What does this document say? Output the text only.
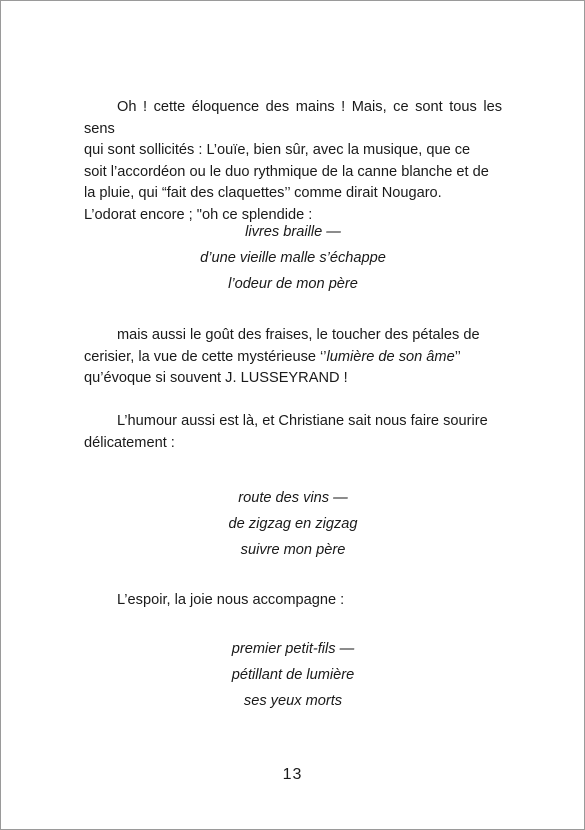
Oh ! cette éloquence des mains ! Mais, ce sont tous les sens
qui sont sollicités : L’ouïe, bien sûr, avec la musique, que ce
soit l’accordéon ou le duo rythmique de la canne blanche et de
la pluie, qui “fait des claquettes’’ comme dirait Nougaro.
L’odorat encore ; "oh ce splendide :
livres braille —
d’une vieille malle s’échappe
l’odeur de mon père
mais aussi le goût des fraises, le toucher des pétales de
cerisier, la vue de cette mystérieuse ‘’lumière de son âme’’
qu’évoque si souvent J. LUSSEYRAND !
L’humour aussi est là, et Christiane sait nous faire sourire
délicatement :
route des vins —
de zigzag en zigzag
suivre mon père
L’espoir, la joie nous accompagne :
premier petit-fils —
pétillant de lumière
ses yeux morts
13
